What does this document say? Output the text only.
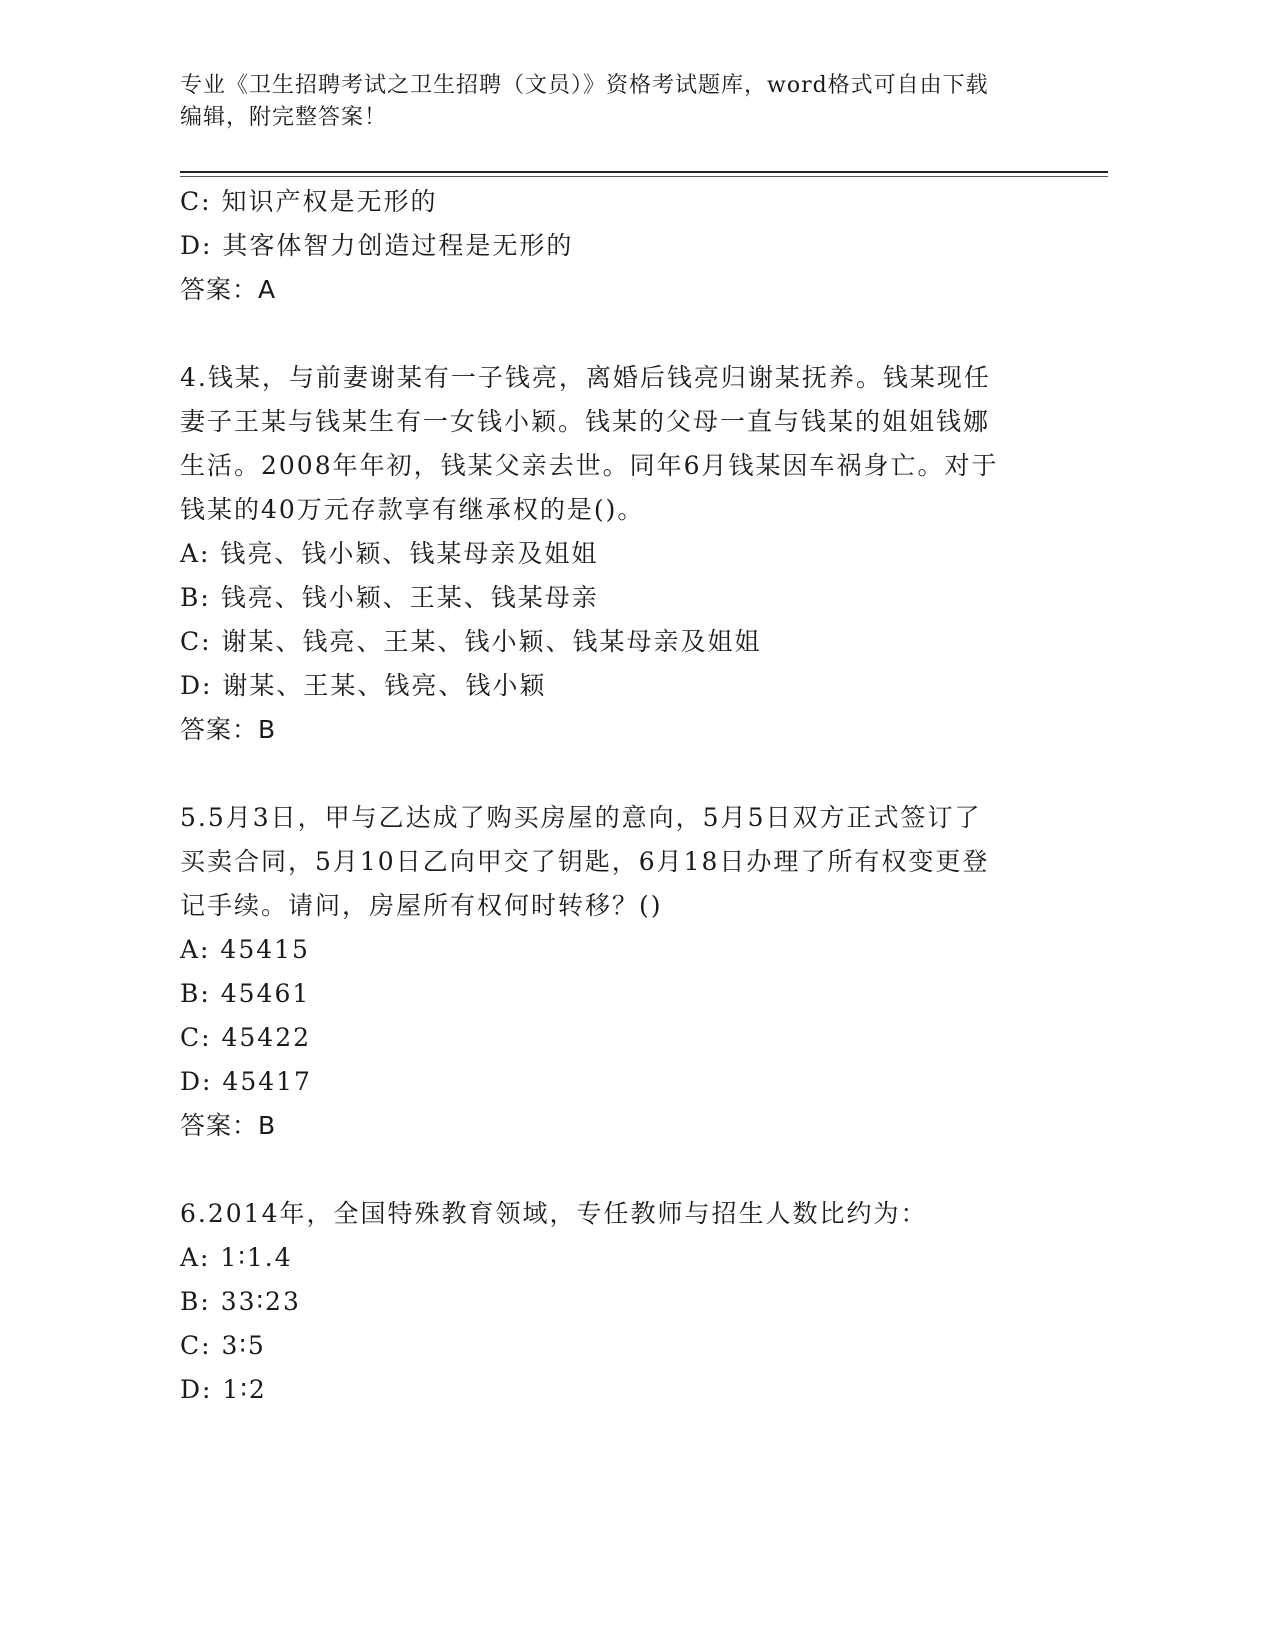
专业《卫生招聘考试之卫生招聘（文员）》资格考试题库，word格式可自由下载
编辑，附完整答案！
C: 知识产权是无形的
D: 其客体智力创造过程是无形的
答案：A
4.钱某，与前妻谢某有一子钱亮，离婚后钱亮归谢某抚养。钱某现任
妻子王某与钱某生有一女钱小颖。钱某的父母一直与钱某的姐姐钱娜
生活。2008年年初，钱某父亲去世。同年6月钱某因车祸身亡。对于
钱某的40万元存款享有继承权的是()。
A: 钱亮、钱小颖、钱某母亲及姐姐
B: 钱亮、钱小颖、王某、钱某母亲
C: 谢某、钱亮、王某、钱小颖、钱某母亲及姐姐
D: 谢某、王某、钱亮、钱小颖
答案：B
5.5月3日，甲与乙达成了购买房屋的意向，5月5日双方正式签订了
买卖合同，5月10日乙向甲交了钥匙，6月18日办理了所有权变更登
记手续。请问，房屋所有权何时转移？()
A: 45415
B: 45461
C: 45422
D: 45417
答案：B
6.2014年，全国特殊教育领域，专任教师与招生人数比约为：
A: 1∶1.4
B: 33∶23
C: 3∶5
D: 1∶2
